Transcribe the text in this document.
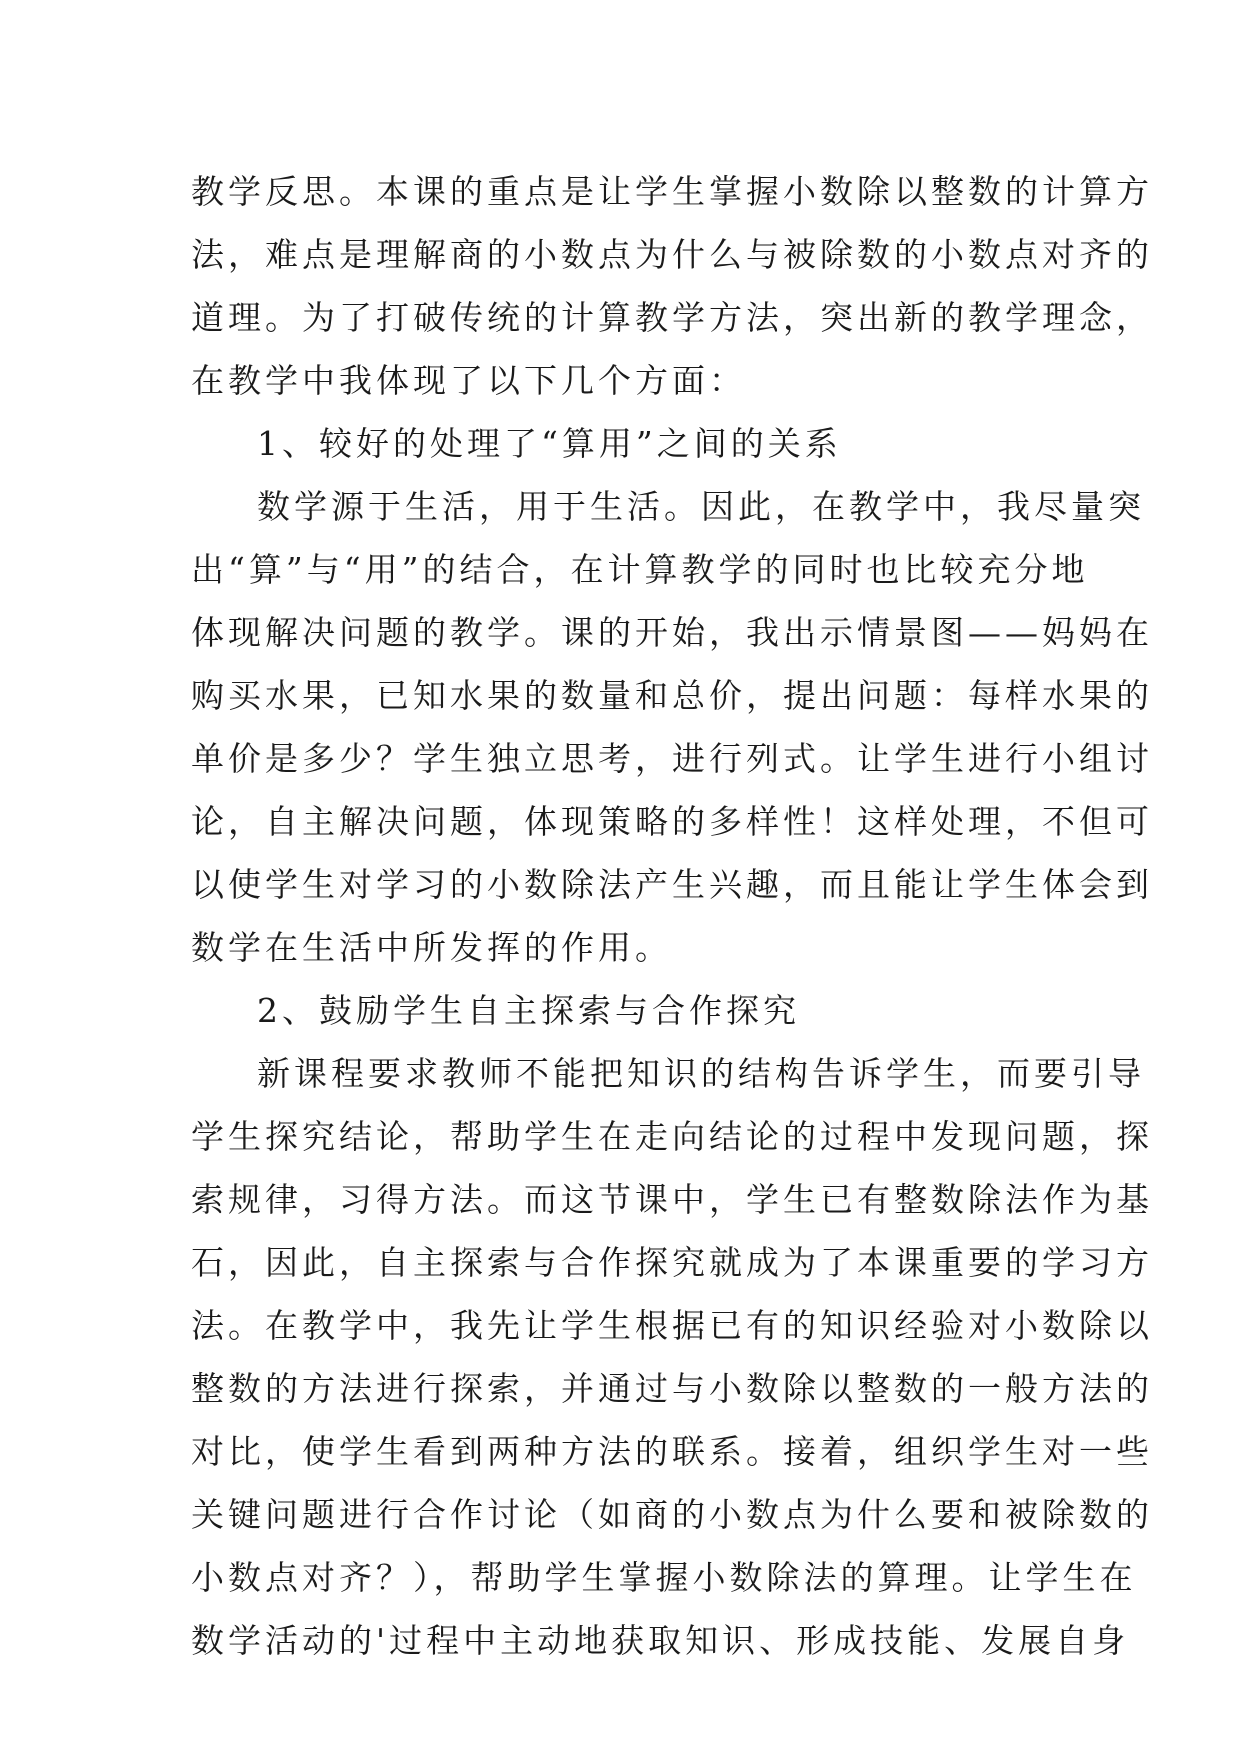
教学反思。本课的重点是让学生掌握小数除以整数的计算方
法，难点是理解商的小数点为什么与被除数的小数点对齐的
道理。为了打破传统的计算教学方法，突出新的教学理念，
在教学中我体现了以下几个方面：
1、较好的处理了“算用”之间的关系
数学源于生活，用于生活。因此，在教学中，我尽量突
出“算”与“用”的结合，在计算教学的同时也比较充分地
体现解决问题的教学。课的开始，我出示情景图——妈妈在
购买水果，已知水果的数量和总价，提出问题：每样水果的
单价是多少？学生独立思考，进行列式。让学生进行小组讨
论，自主解决问题，体现策略的多样性！这样处理，不但可
以使学生对学习的小数除法产生兴趣，而且能让学生体会到
数学在生活中所发挥的作用。
2、鼓励学生自主探索与合作探究
新课程要求教师不能把知识的结构告诉学生，而要引导
学生探究结论，帮助学生在走向结论的过程中发现问题，探
索规律，习得方法。而这节课中，学生已有整数除法作为基
石，因此，自主探索与合作探究就成为了本课重要的学习方
法。在教学中，我先让学生根据已有的知识经验对小数除以
整数的方法进行探索，并通过与小数除以整数的一般方法的
对比，使学生看到两种方法的联系。接着，组织学生对一些
关键问题进行合作讨论（如商的小数点为什么要和被除数的
小数点对齐？），帮助学生掌握小数除法的算理。让学生在
数学活动的'过程中主动地获取知识、形成技能、发展自身
